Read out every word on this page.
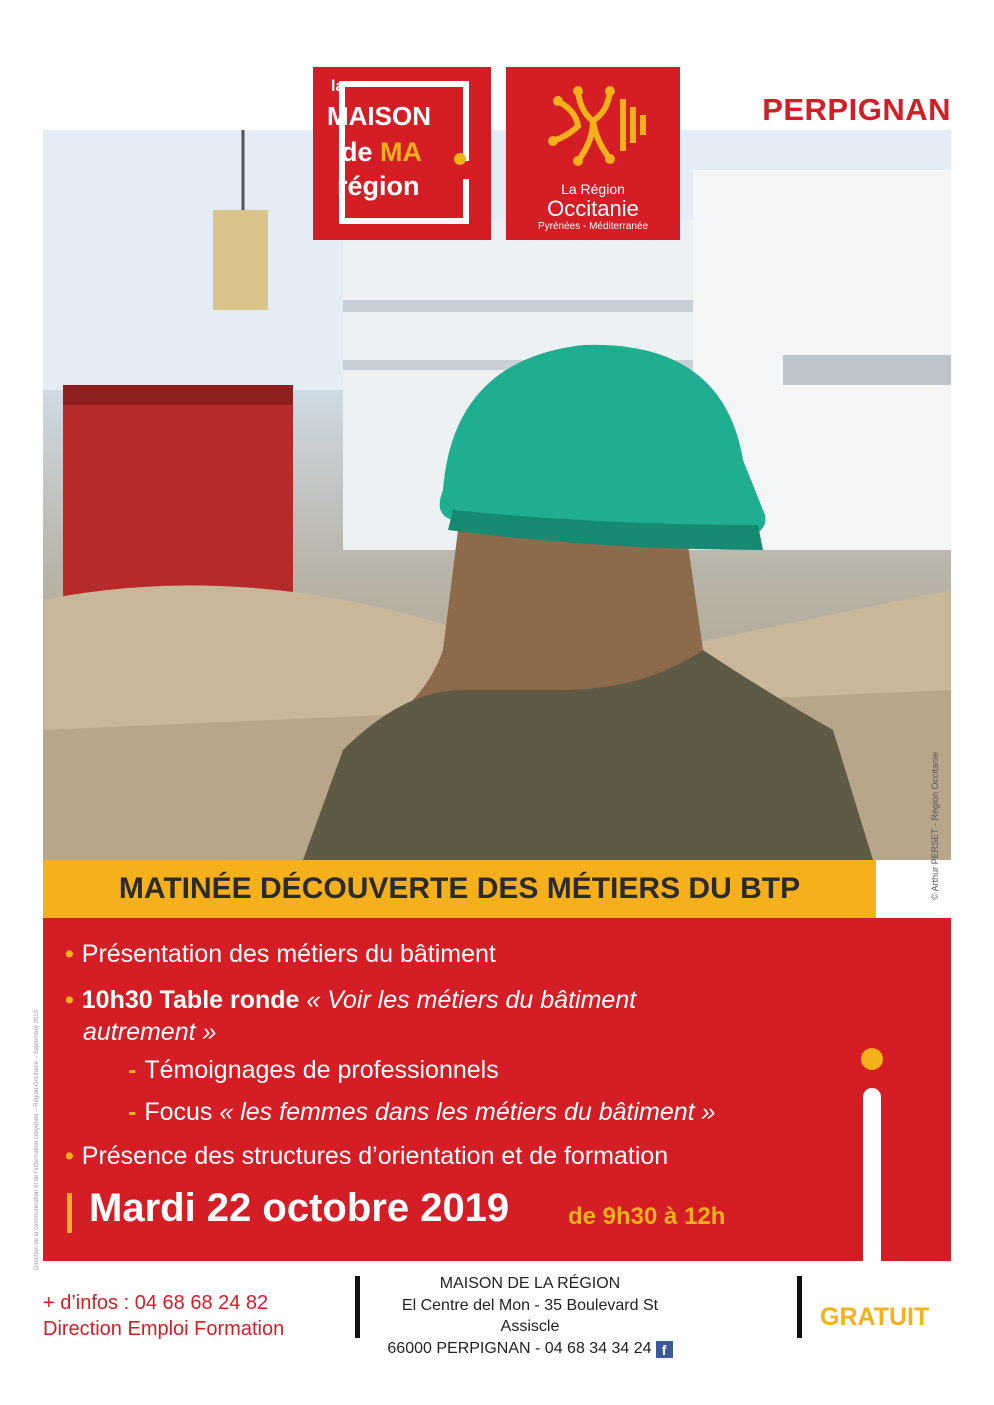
la
MAISON
de MA
région	La Région
Occitanie
Pyrénées - Méditerranée
PERPIGNAN
© Arthur PERSET - Région Occitanie
Direction de la communication et de l'information citoyenne – Région Occitanie – Septembre 2019
MATINÉE DÉCOUVERTE DES MÉTIERS DU BTP
• Présentation des métiers du bâtiment
• 10h30 Table ronde « Voir les métiers du bâtiment
autrement »
- Témoignages de professionnels
- Focus « les femmes dans les métiers du bâtiment »
• Présence des structures d’orientation et de formation
Mardi 22 octobre 2019 de 9h30 à 12h
+ d’infos : 04 68 68 24 82
Direction Emploi Formation
MAISON DE LA RÉGION
El Centre del Mon - 35 Boulevard St Assiscle
66000 PERPIGNAN - 04 68 34 34 24 f
GRATUIT
